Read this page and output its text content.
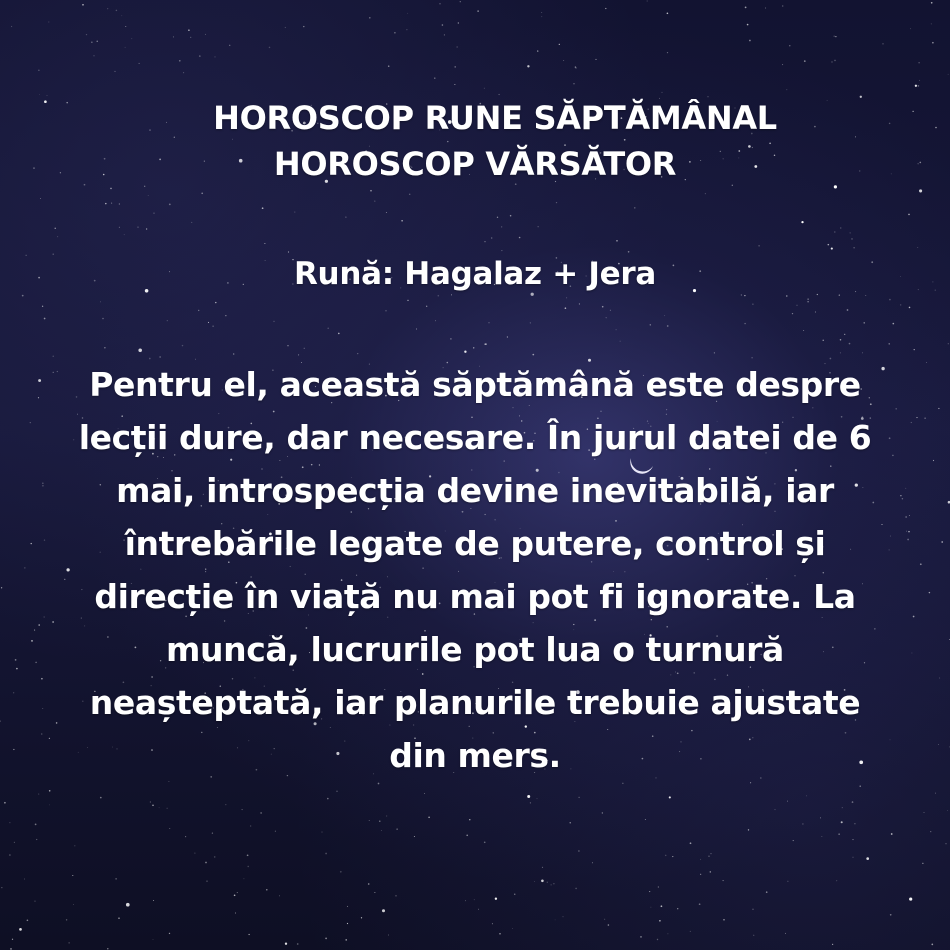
HOROSCOP RUNE SĂPTĂMÂNAL
HOROSCOP VĂRSĂTOR
Rună: Hagalaz + Jera
Pentru el, această săptămână este despre
lecții dure, dar necesare. În jurul datei de 6
mai, introspecția devine inevitabilă, iar
întrebările legate de putere, control și
direcție în viață nu mai pot fi ignorate. La
muncă, lucrurile pot lua o turnură
neașteptată, iar planurile trebuie ajustate
din mers.
